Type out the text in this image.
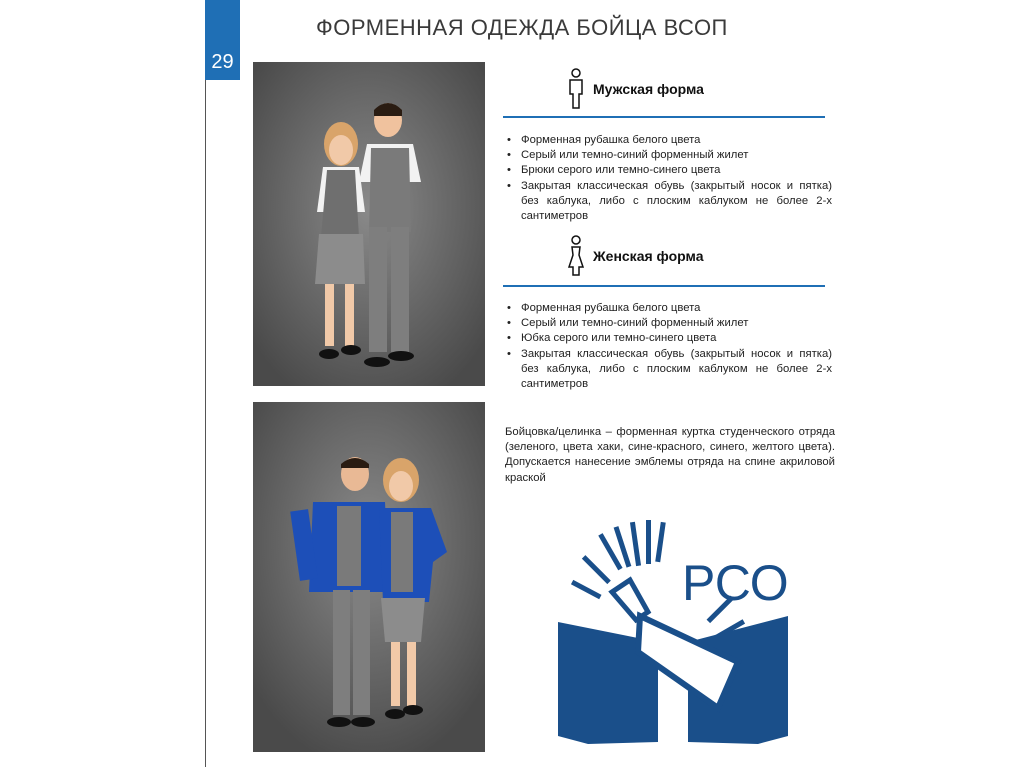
29
ФОРМЕННАЯ ОДЕЖДА БОЙЦА ВСОП
Мужская форма
• Форменная рубашка белого цвета
• Серый или темно-синий форменный жилет
• Брюки серого или темно-синего цвета
• Закрытая классическая обувь (закрытый носок и пятка) без каблука, либо с плоским каблуком не более 2-х сантиметров
Женская форма
• Форменная рубашка белого цвета
• Серый или темно-синий форменный жилет
• Юбка серого или темно-синего цвета
• Закрытая классическая обувь (закрытый носок и пятка) без каблука, либо с плоским каблуком не более 2-х сантиметров
Бойцовка/целинка – форменная куртка студенческого отряда (зеленого, цвета хаки, сине-красного, синего, желтого цвета). Допускается нанесение эмблемы отряда на спине акриловой краской
РСО
